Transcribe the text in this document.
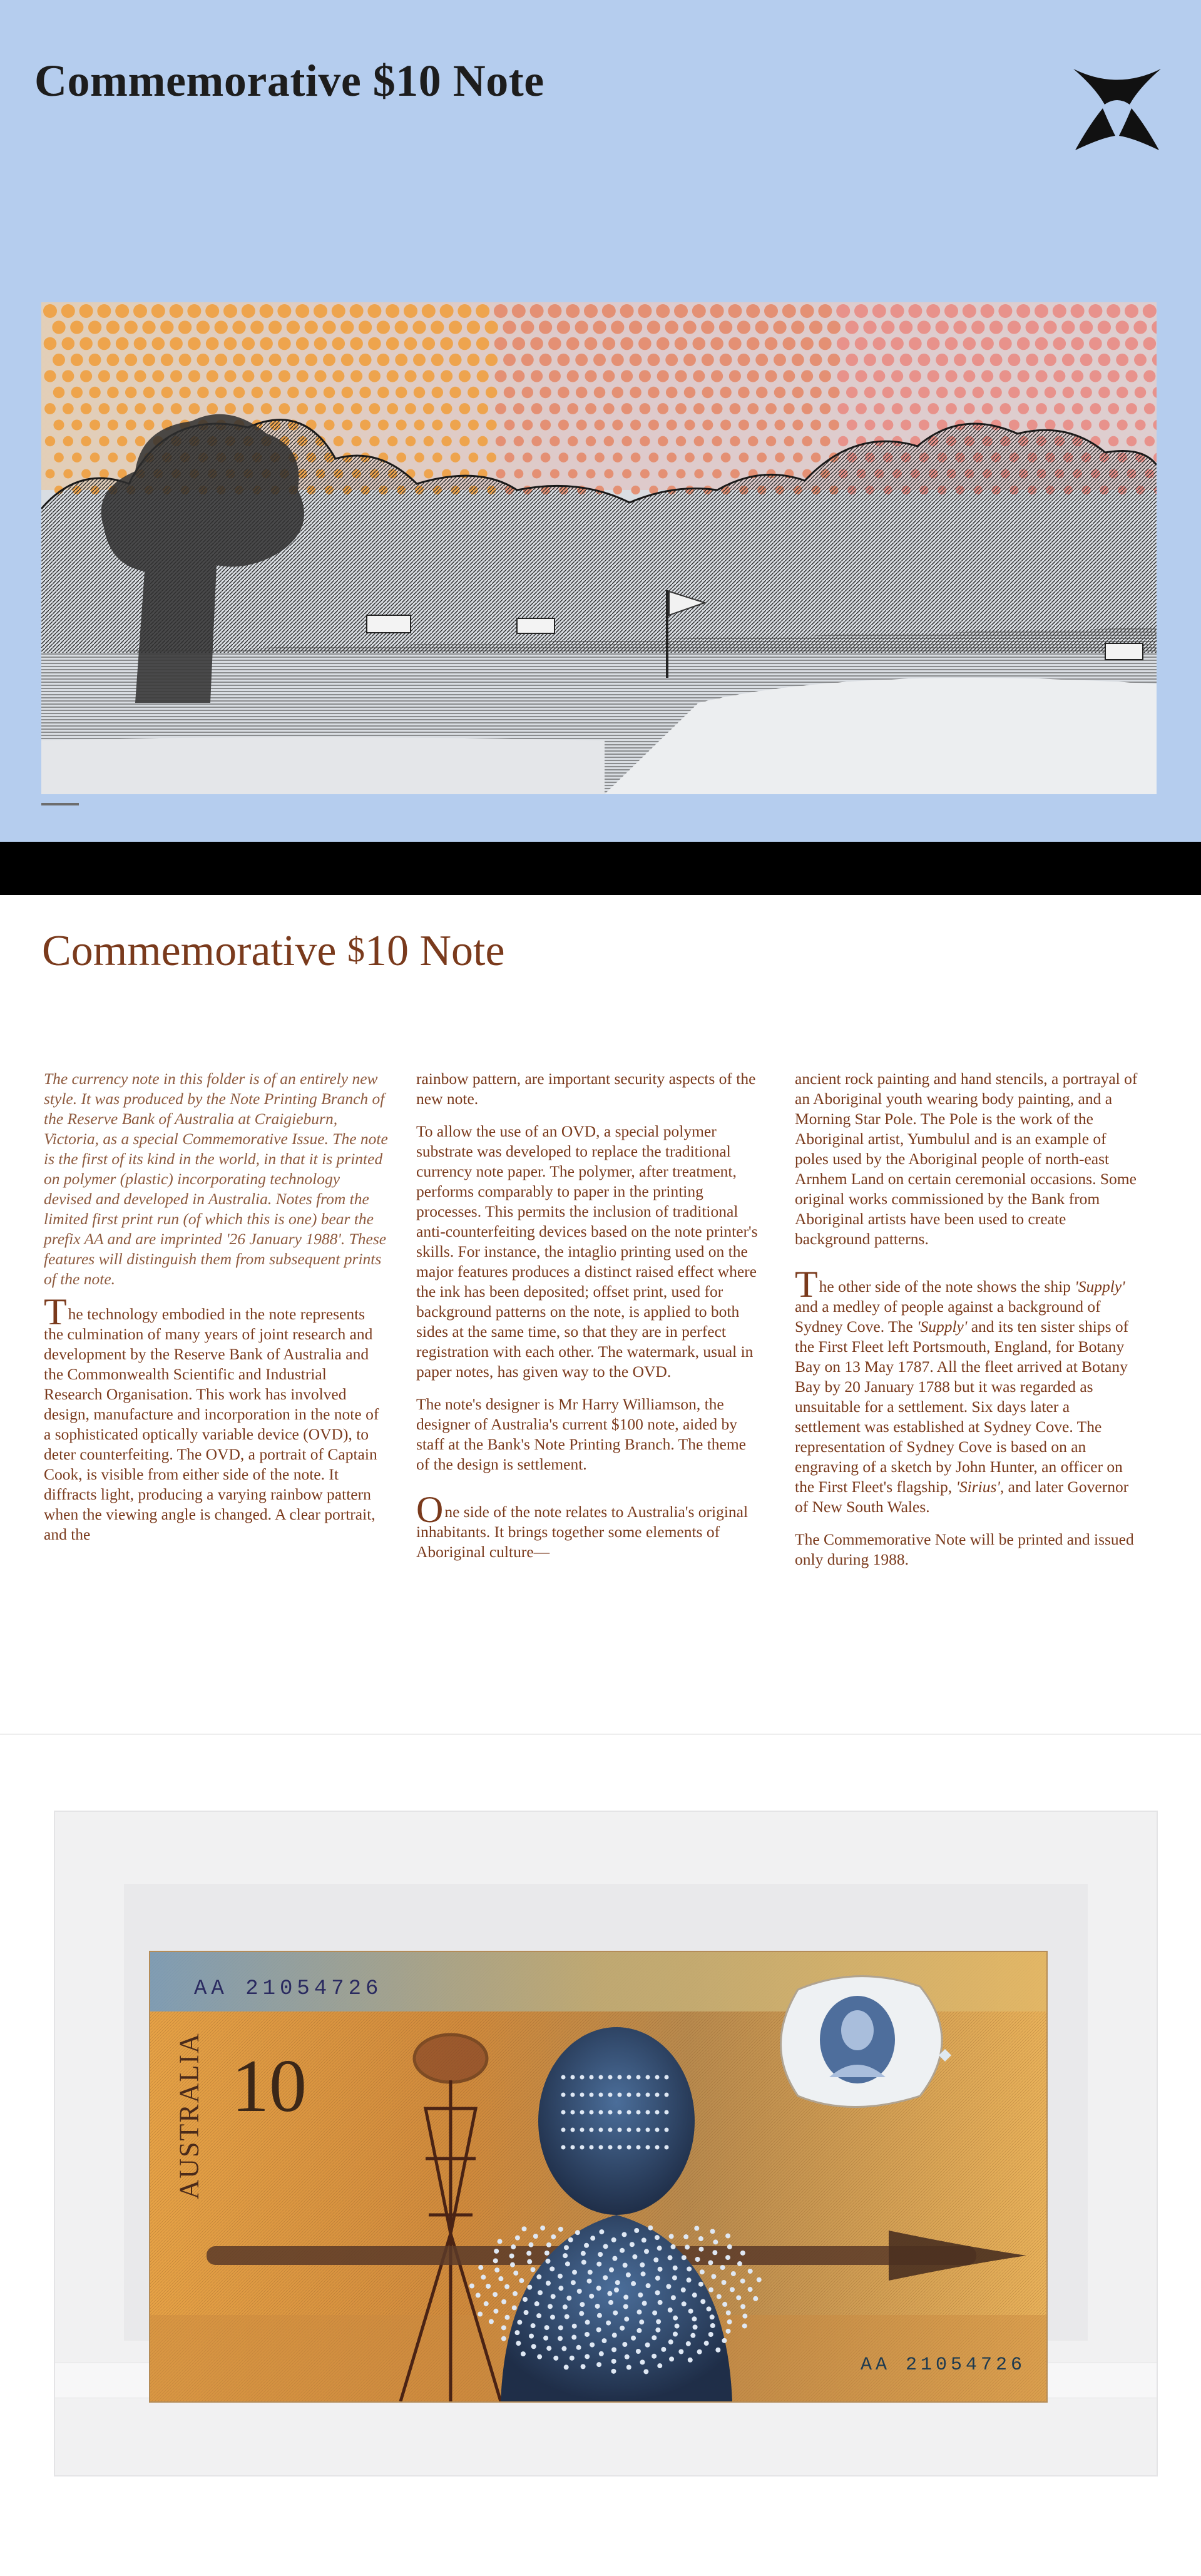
Commemorative $10 Note
Commemorative $10 Note

The currency note in this folder is of an entirely new style. It was produced by the Note Printing Branch of the Reserve Bank of Australia at Craigieburn, Victoria, as a special Commemorative Issue. The note is the first of its kind in the world, in that it is printed on polymer (plastic) incorporating technology devised and developed in Australia. Notes from the limited first print run (of which this is one) bear the prefix AA and are imprinted '26 January 1988'. These features will distinguish them from subsequent prints of the note.

The technology embodied in the note represents the culmination of many years of joint research and development by the Reserve Bank of Australia and the Commonwealth Scientific and Industrial Research Organisation. This work has involved design, manufacture and incorporation in the note of a sophisticated optically variable device (OVD), to deter counterfeiting. The OVD, a portrait of Captain Cook, is visible from either side of the note. It diffracts light, producing a varying rainbow pattern when the viewing angle is changed. A clear portrait, and the

rainbow pattern, are important security aspects of the new note.

To allow the use of an OVD, a special polymer substrate was developed to replace the traditional currency note paper. The polymer, after treatment, performs comparably to paper in the printing processes. This permits the inclusion of traditional anti-counterfeiting devices based on the note printer's skills. For instance, the intaglio printing used on the major features produces a distinct raised effect where the ink has been deposited; offset print, used for background patterns on the note, is applied to both sides at the same time, so that they are in perfect registration with each other. The watermark, usual in paper notes, has given way to the OVD.

The note's designer is Mr Harry Williamson, the designer of Australia's current $100 note, aided by staff at the Bank's Note Printing Branch. The theme of the design is settlement.

One side of the note relates to Australia's original inhabitants. It brings together some elements of Aboriginal culture—

ancient rock painting and hand stencils, a portrayal of an Aboriginal youth wearing body painting, and a Morning Star Pole. The Pole is the work of the Aboriginal artist, Yumbulul and is an example of poles used by the Aboriginal people of north-east Arnhem Land on certain ceremonial occasions. Some original works commissioned by the Bank from Aboriginal artists have been used to create background patterns.

The other side of the note shows the ship 'Supply' and a medley of people against a background of Sydney Cove. The 'Supply' and its ten sister ships of the First Fleet left Portsmouth, England, for Botany Bay on 13 May 1787. All the fleet arrived at Botany Bay by 20 January 1788 but it was regarded as unsuitable for a settlement. Six days later a settlement was established at Sydney Cove. The representation of Sydney Cove is based on an engraving of a sketch by John Hunter, an officer on the First Fleet's flagship, 'Sirius', and later Governor of New South Wales.

The Commemorative Note will be printed and issued only during 1988.

AA 21054726

AUSTRALIA 10

AA 21054726
